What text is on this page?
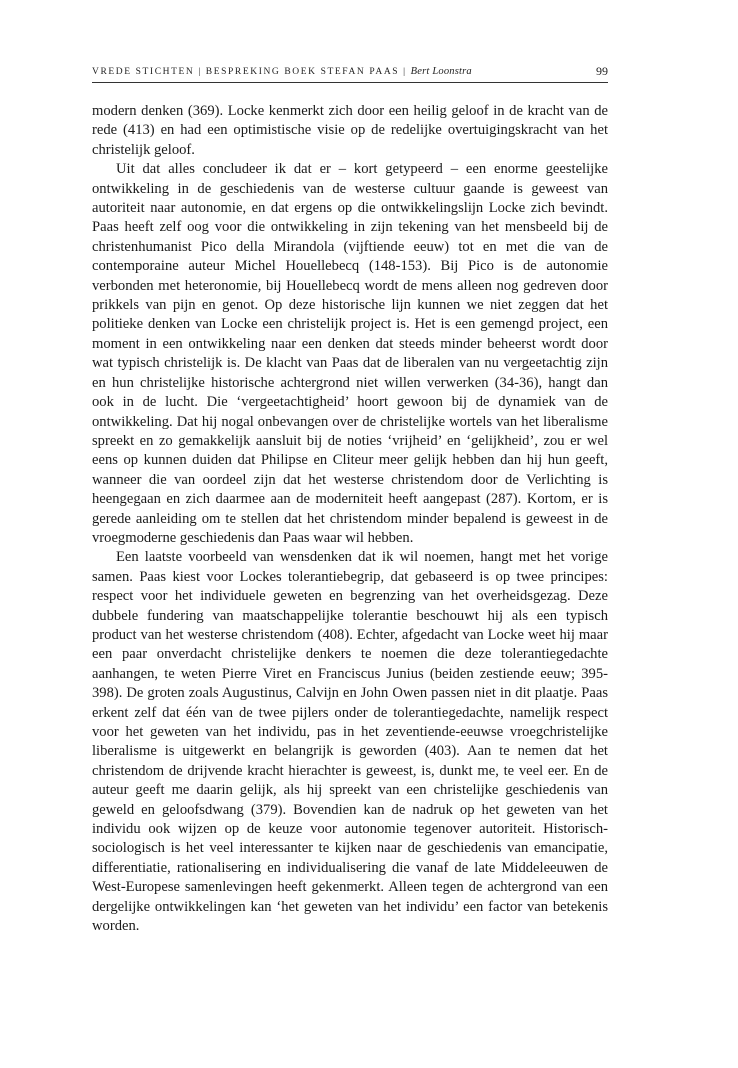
VREDE STICHTEN | BESPREKING BOEK STEFAN PAAS | Bert Loonstra	99

modern denken (369). Locke kenmerkt zich door een heilig geloof in de kracht van de rede (413) en had een optimistische visie op de redelijke overtuigingskracht van het christelijk geloof.

Uit dat alles concludeer ik dat er – kort getypeerd – een enorme geestelijke ontwikkeling in de geschiedenis van de westerse cultuur gaande is geweest van autoriteit naar autonomie, en dat ergens op die ontwikkelingslijn Locke zich bevindt. Paas heeft zelf oog voor die ontwikkeling in zijn tekening van het mensbeeld bij de christenhumanist Pico della Mirandola (vijftiende eeuw) tot en met die van de contemporaine auteur Michel Houellebecq (148-153). Bij Pico is de autonomie verbonden met heteronomie, bij Houellebecq wordt de mens alleen nog gedreven door prikkels van pijn en genot. Op deze historische lijn kunnen we niet zeggen dat het politieke denken van Locke een christelijk project is. Het is een gemengd project, een moment in een ontwikkeling naar een denken dat steeds minder beheerst wordt door wat typisch christelijk is. De klacht van Paas dat de liberalen van nu vergeetachtig zijn en hun christelijke historische achtergrond niet willen verwerken (34-36), hangt dan ook in de lucht. Die ‘vergeetachtigheid’ hoort gewoon bij de dynamiek van de ontwikkeling. Dat hij nogal onbevangen over de christelijke wortels van het liberalisme spreekt en zo gemakkelijk aansluit bij de noties ‘vrijheid’ en ‘gelijkheid’, zou er wel eens op kunnen duiden dat Philipse en Cliteur meer gelijk hebben dan hij hun geeft, wanneer die van oordeel zijn dat het westerse christendom door de Verlichting is heengegaan en zich daarmee aan de moderniteit heeft aangepast (287). Kortom, er is gerede aanleiding om te stellen dat het christendom minder bepalend is geweest in de vroegmoderne geschiedenis dan Paas waar wil hebben.

Een laatste voorbeeld van wensdenken dat ik wil noemen, hangt met het vorige samen. Paas kiest voor Lockes tolerantiebegrip, dat gebaseerd is op twee principes: respect voor het individuele geweten en begrenzing van het overheidsgezag. Deze dubbele fundering van maatschappelijke tolerantie beschouwt hij als een typisch product van het westerse christendom (408). Echter, afgedacht van Locke weet hij maar een paar onverdacht christelijke denkers te noemen die deze tolerantiegedachte aanhangen, te weten Pierre Viret en Franciscus Junius (beiden zestiende eeuw; 395-398). De groten zoals Augustinus, Calvijn en John Owen passen niet in dit plaatje. Paas erkent zelf dat één van de twee pijlers onder de tolerantiegedachte, namelijk respect voor het geweten van het individu, pas in het zeventiende-eeuwse vroegchristelijke liberalisme is uitgewerkt en belangrijk is geworden (403). Aan te nemen dat het christendom de drijvende kracht hierachter is geweest, is, dunkt me, te veel eer. En de auteur geeft me daarin gelijk, als hij spreekt van een christelijke geschiedenis van geweld en geloofsdwang (379). Bovendien kan de nadruk op het geweten van het individu ook wijzen op de keuze voor autonomie tegenover autoriteit. Historisch-sociologisch is het veel interessanter te kijken naar de geschiedenis van emancipatie, differentiatie, rationalisering en individualisering die vanaf de late Middeleeuwen de West-Europese samenlevingen heeft gekenmerkt. Alleen tegen de achtergrond van een dergelijke ontwikkelingen kan ‘het geweten van het individu’ een factor van betekenis worden.
